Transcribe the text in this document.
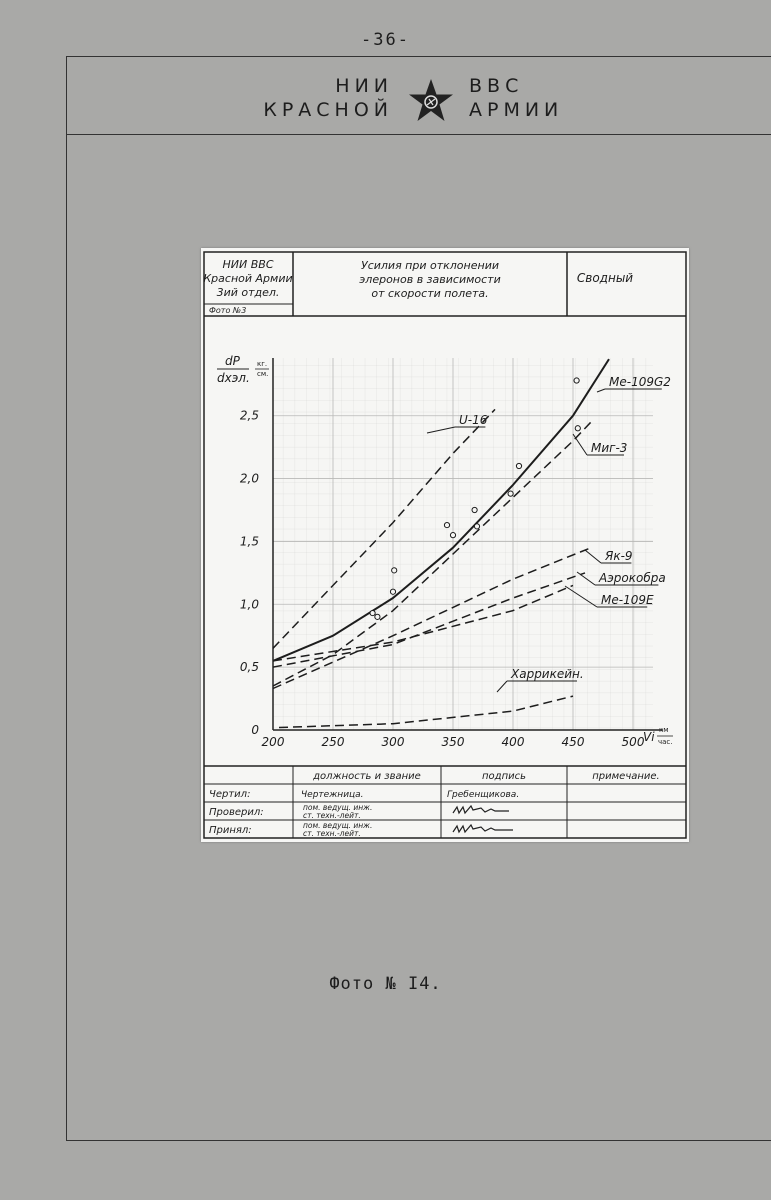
-36-
НИИ
КРАСНОЙ
ВВС
АРМИИ
НИИ ВВС
Красной Армии
3ий отдел.
Фото №3
Усилия при отклонении
элеронов в зависимости
от скорости полета.
Сводный
200	250	300	350	400	450	500
0
0,5
1,0
1,5
2,0
2,5
Ме-109G2
U-16
Миг-3
Як-9
Аэрокобра
Ме-109Е
Харрикейн.
dP
dxэл.
кг.
см.
Vi км
час.
должность и звание	подпись	примечание.
Чертил:	Чертежница.	Гребенщикова.
Проверил:	пом. ведущ. инж.
ст. техн.-лейт.
Принял:	пом. ведущ. инж.
ст. техн.-лейт.
Фото № I4.
